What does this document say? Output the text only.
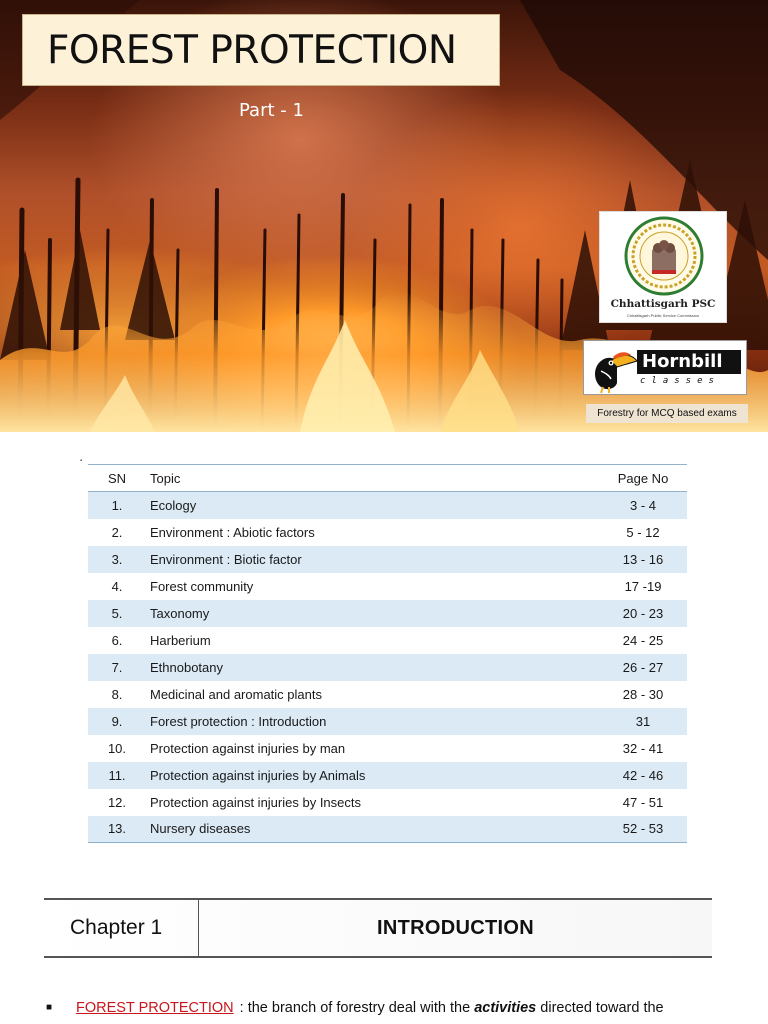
FOREST PROTECTION
Part - 1
Chhattisgarh PSC
Chhattisgarh Public Service Commission
Hornbill
classes
Forestry for MCQ based exams
▪
SN	Topic	Page No
1.	Ecology	3 - 4
2.	Environment : Abiotic factors	5 - 12
3.	Environment : Biotic factor	13 - 16
4.	Forest community	17 -19
5.	Taxonomy	20 - 23
6.	Harberium	24 - 25
7.	Ethnobotany	26 - 27
8.	Medicinal and aromatic plants	28 - 30
9.	Forest protection : Introduction	31
10.	Protection against injuries by man	32 - 41
11.	Protection against injuries by Animals	42 - 46
12.	Protection against injuries by Insects	47 - 51
13.	Nursery diseases	52 - 53
Chapter 1	INTRODUCTION
■ FOREST PROTECTION : the branch of forestry deal with the activities directed toward the
